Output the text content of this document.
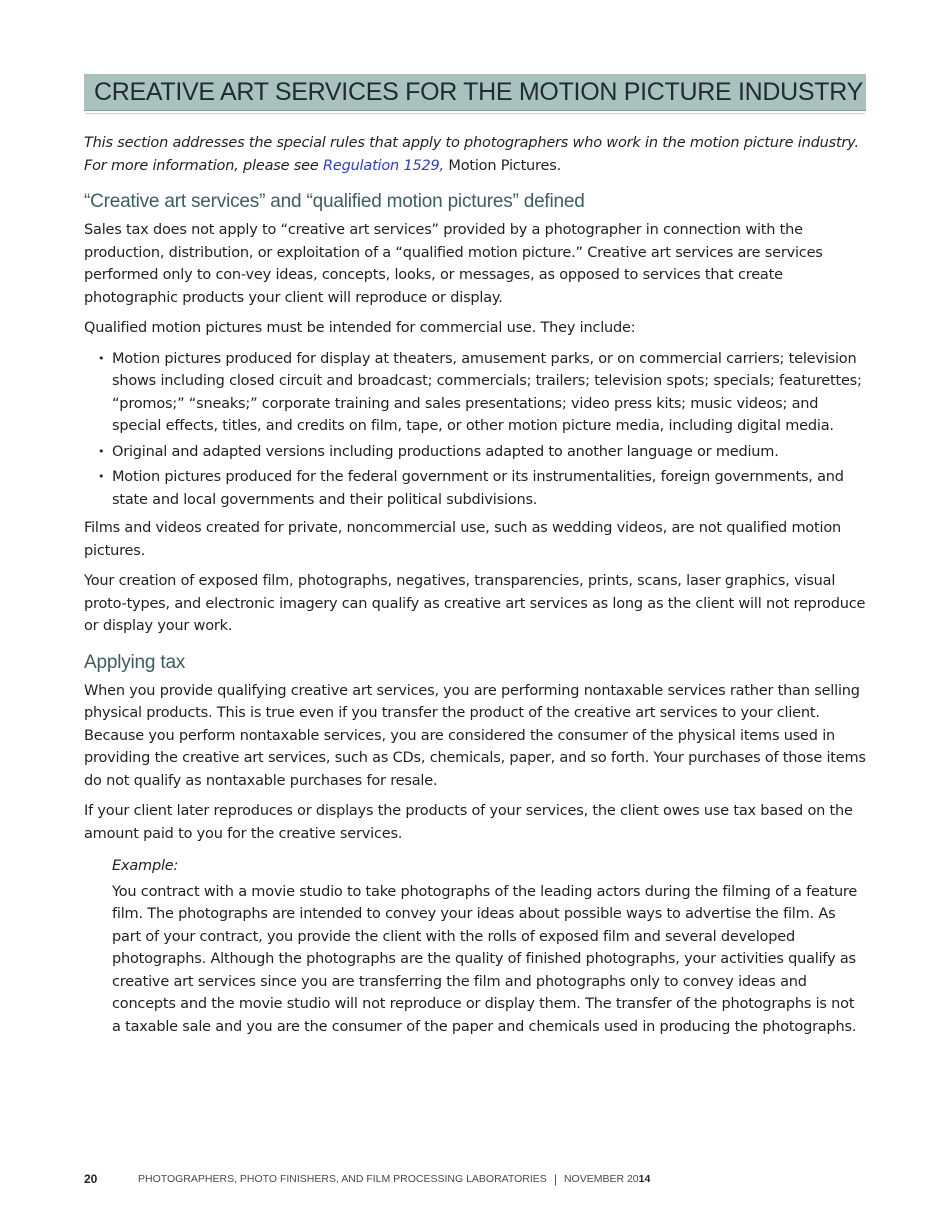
CREATIVE ART SERVICES FOR THE MOTION PICTURE INDUSTRY

This section addresses the special rules that apply to photographers who work in the motion picture industry. For more information, please see Regulation 1529, Motion Pictures.

“Creative art services” and “qualified motion pictures” defined

Sales tax does not apply to “creative art services” provided by a photographer in connection with the production, distribution, or exploitation of a “qualified motion picture.” Creative art services are services performed only to con-vey ideas, concepts, looks, or messages, as opposed to services that create photographic products your client will reproduce or display.

Qualified motion pictures must be intended for commercial use. They include:

• Motion pictures produced for display at theaters, amusement parks, or on commercial carriers; television shows including closed circuit and broadcast; commercials; trailers; television spots; specials; featurettes; “promos;” “sneaks;” corporate training and sales presentations; video press kits; music videos; and special effects, titles, and credits on film, tape, or other motion picture media, including digital media.
• Original and adapted versions including productions adapted to another language or medium.
• Motion pictures produced for the federal government or its instrumentalities, foreign governments, and state and local governments and their political subdivisions.

Films and videos created for private, noncommercial use, such as wedding videos, are not qualified motion pictures.

Your creation of exposed film, photographs, negatives, transparencies, prints, scans, laser graphics, visual proto-types, and electronic imagery can qualify as creative art services as long as the client will not reproduce or display your work.

Applying tax

When you provide qualifying creative art services, you are performing nontaxable services rather than selling physical products. This is true even if you transfer the product of the creative art services to your client. Because you perform nontaxable services, you are considered the consumer of the physical items used in providing the creative art services, such as CDs, chemicals, paper, and so forth. Your purchases of those items do not qualify as nontaxable purchases for resale.

If your client later reproduces or displays the products of your services, the client owes use tax based on the amount paid to you for the creative services.

Example:

You contract with a movie studio to take photographs of the leading actors during the filming of a feature film. The photographs are intended to convey your ideas about possible ways to advertise the film. As part of your contract, you provide the client with the rolls of exposed film and several developed photographs. Although the photographs are the quality of finished photographs, your activities qualify as creative art services since you are transferring the film and photographs only to convey ideas and concepts and the movie studio will not reproduce or display them. The transfer of the photographs is not a taxable sale and you are the consumer of the paper and chemicals used in producing the photographs.

20	PHOTOGRAPHERS, PHOTO FINISHERS, AND FILM PROCESSING LABORATORIES | NOVEMBER 2014
